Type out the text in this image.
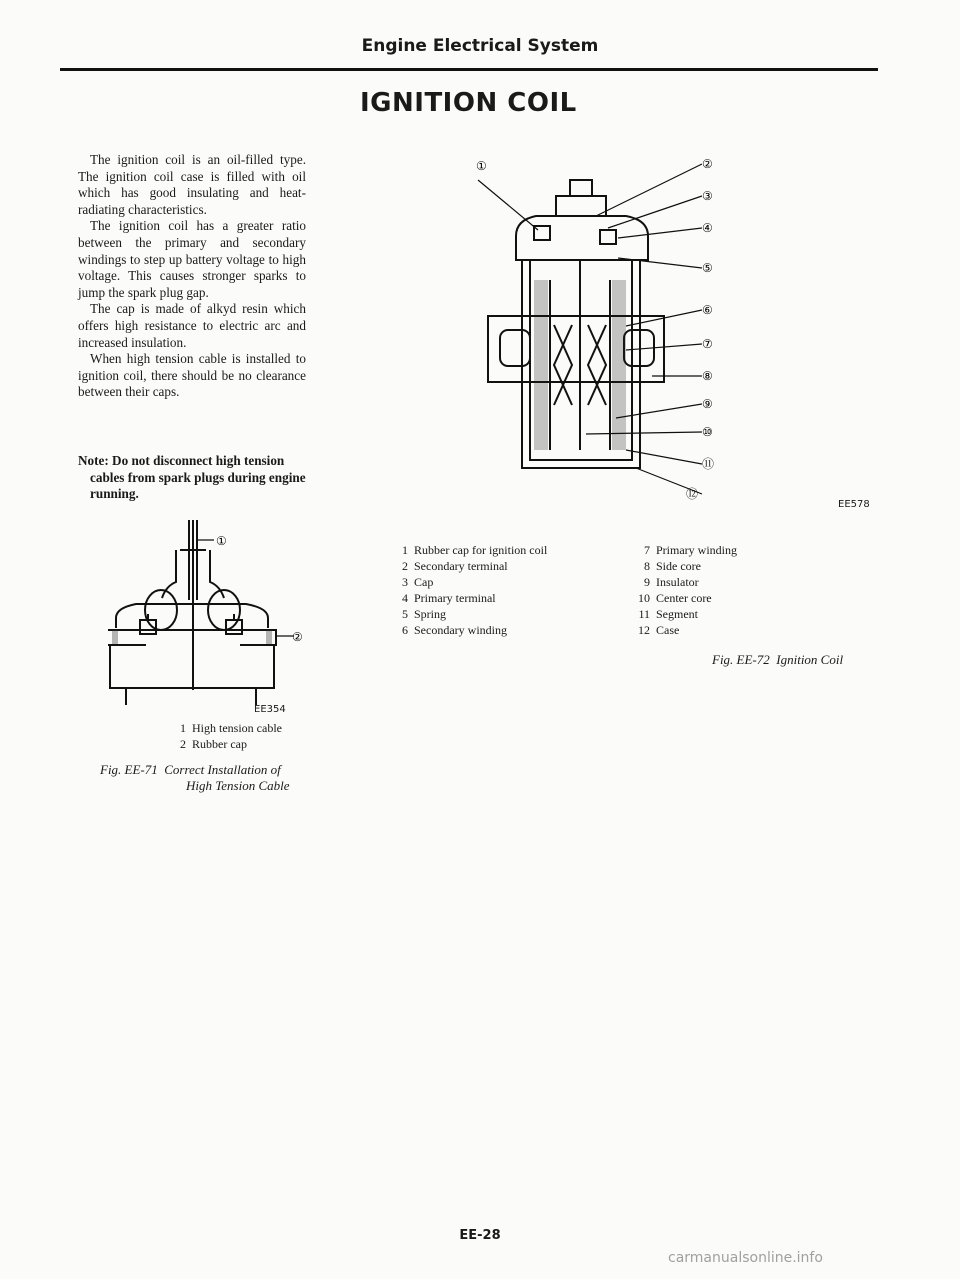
Engine Electrical System
IGNITION COIL

The ignition coil is an oil-filled type. The ignition coil case is filled with oil which has good insulating and heat-radiating characteristics.

The ignition coil has a greater ratio between the primary and secondary windings to step up battery voltage to high voltage. This causes stronger sparks to jump the spark plug gap.

The cap is made of alkyd resin which offers high resistance to electric arc and increased insulation.

When high tension cable is installed to ignition coil, there should be no clearance between their caps.

Note: Do not disconnect high tension
cables from spark plugs during engine running.
①
②
EE354
1 High tension cable
2 Rubber cap
Fig. EE-71 Correct Installation of
High Tension Cable
①	②
③
④
⑤
⑥
⑦
⑧
⑨
⑩
⑪
⑫
EE578
1 Rubber cap for ignition coil
2 Secondary terminal
3 Cap
4 Primary terminal
5 Spring
6 Secondary winding
7 Primary winding
8 Side core
9 Insulator
10 Center core
11 Segment
12 Case
Fig. EE-72 Ignition Coil
EE-28
carmanualsonline.info
